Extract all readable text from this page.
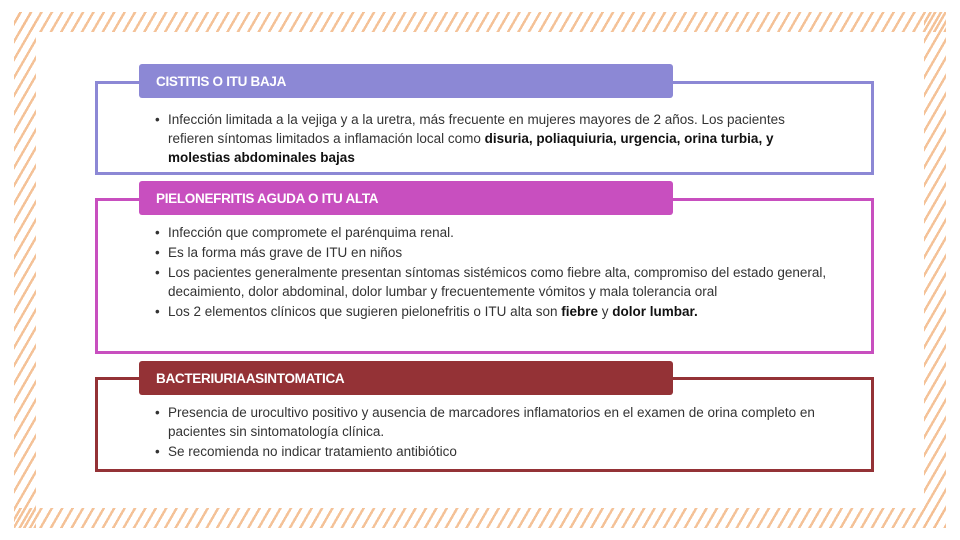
CISTITIS O ITU BAJA
• Infección limitada a la vejiga y a la uretra, más frecuente en mujeres mayores de 2 años. Los pacientes refieren síntomas limitados a inflamación local como disuria, poliaquiuria, urgencia, orina turbia, y molestias abdominales bajas
PIELONEFRITIS AGUDA O ITU ALTA
• Infección que compromete el parénquima renal.
• Es la forma más grave de ITU en niños
• Los pacientes generalmente presentan síntomas sistémicos como fiebre alta, compromiso del estado general, decaimiento, dolor abdominal, dolor lumbar y frecuentemente vómitos y mala tolerancia oral
• Los 2 elementos clínicos que sugieren pielonefritis o ITU alta son fiebre y dolor lumbar.
BACTERIURIAASINTOMATICA
• Presencia de urocultivo positivo y ausencia de marcadores inflamatorios en el examen de orina completo en pacientes sin sintomatología clínica.
• Se recomienda no indicar tratamiento antibiótico
